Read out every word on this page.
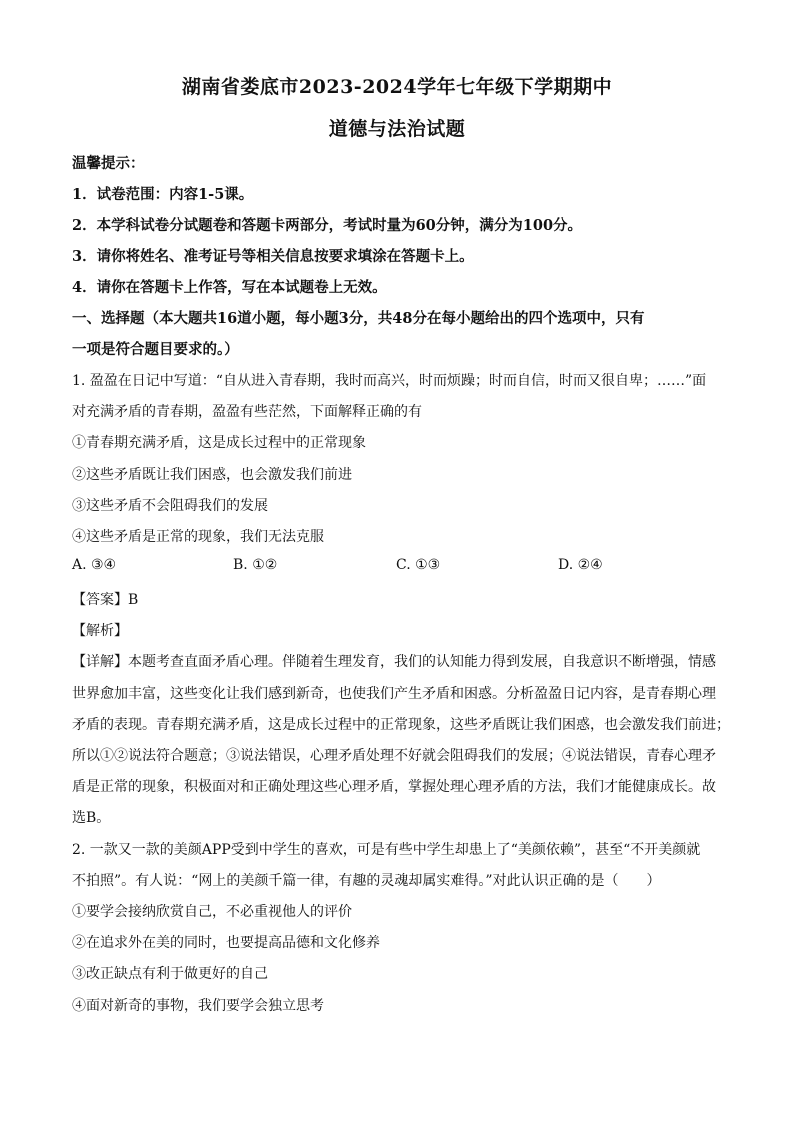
湖南省娄底市2023-2024学年七年级下学期期中
道德与法治试题
温馨提示：
1．试卷范围：内容1-5课。
2．本学科试卷分试题卷和答题卡两部分，考试时量为60分钟，满分为100分。
3．请你将姓名、准考证号等相关信息按要求填涂在答题卡上。
4．请你在答题卡上作答，写在本试题卷上无效。
一、选择题（本大题共16道小题，每小题3分，共48分在每小题给出的四个选项中，只有
一项是符合题目要求的。）
1. 盈盈在日记中写道：“自从进入青春期，我时而高兴，时而烦躁；时而自信，时而又很自卑；……”面
对充满矛盾的青春期，盈盈有些茫然，下面解释正确的有
①青春期充满矛盾，这是成长过程中的正常现象
②这些矛盾既让我们困惑，也会激发我们前进
③这些矛盾不会阻碍我们的发展
④这些矛盾是正常的现象，我们无法克服
A. ③④	B. ①②	C. ①③	D. ②④
【答案】B
【解析】
【详解】本题考查直面矛盾心理。伴随着生理发育，我们的认知能力得到发展，自我意识不断增强，情感
世界愈加丰富，这些变化让我们感到新奇，也使我们产生矛盾和困惑。分析盈盈日记内容，是青春期心理
矛盾的表现。青春期充满矛盾，这是成长过程中的正常现象，这些矛盾既让我们困惑，也会激发我们前进；
所以①②说法符合题意；③说法错误，心理矛盾处理不好就会阻碍我们的发展；④说法错误，青春心理矛
盾是正常的现象，积极面对和正确处理这些心理矛盾，掌握处理心理矛盾的方法，我们才能健康成长。故
选B。
2. 一款又一款的美颜APP受到中学生的喜欢，可是有些中学生却患上了“美颜依赖”，甚至“不开美颜就
不拍照”。有人说：“网上的美颜千篇一律，有趣的灵魂却属实难得。”对此认识正确的是（　　）
①要学会接纳欣赏自己，不必重视他人的评价
②在追求外在美的同时，也要提高品德和文化修养
③改正缺点有利于做更好的自己
④面对新奇的事物，我们要学会独立思考
